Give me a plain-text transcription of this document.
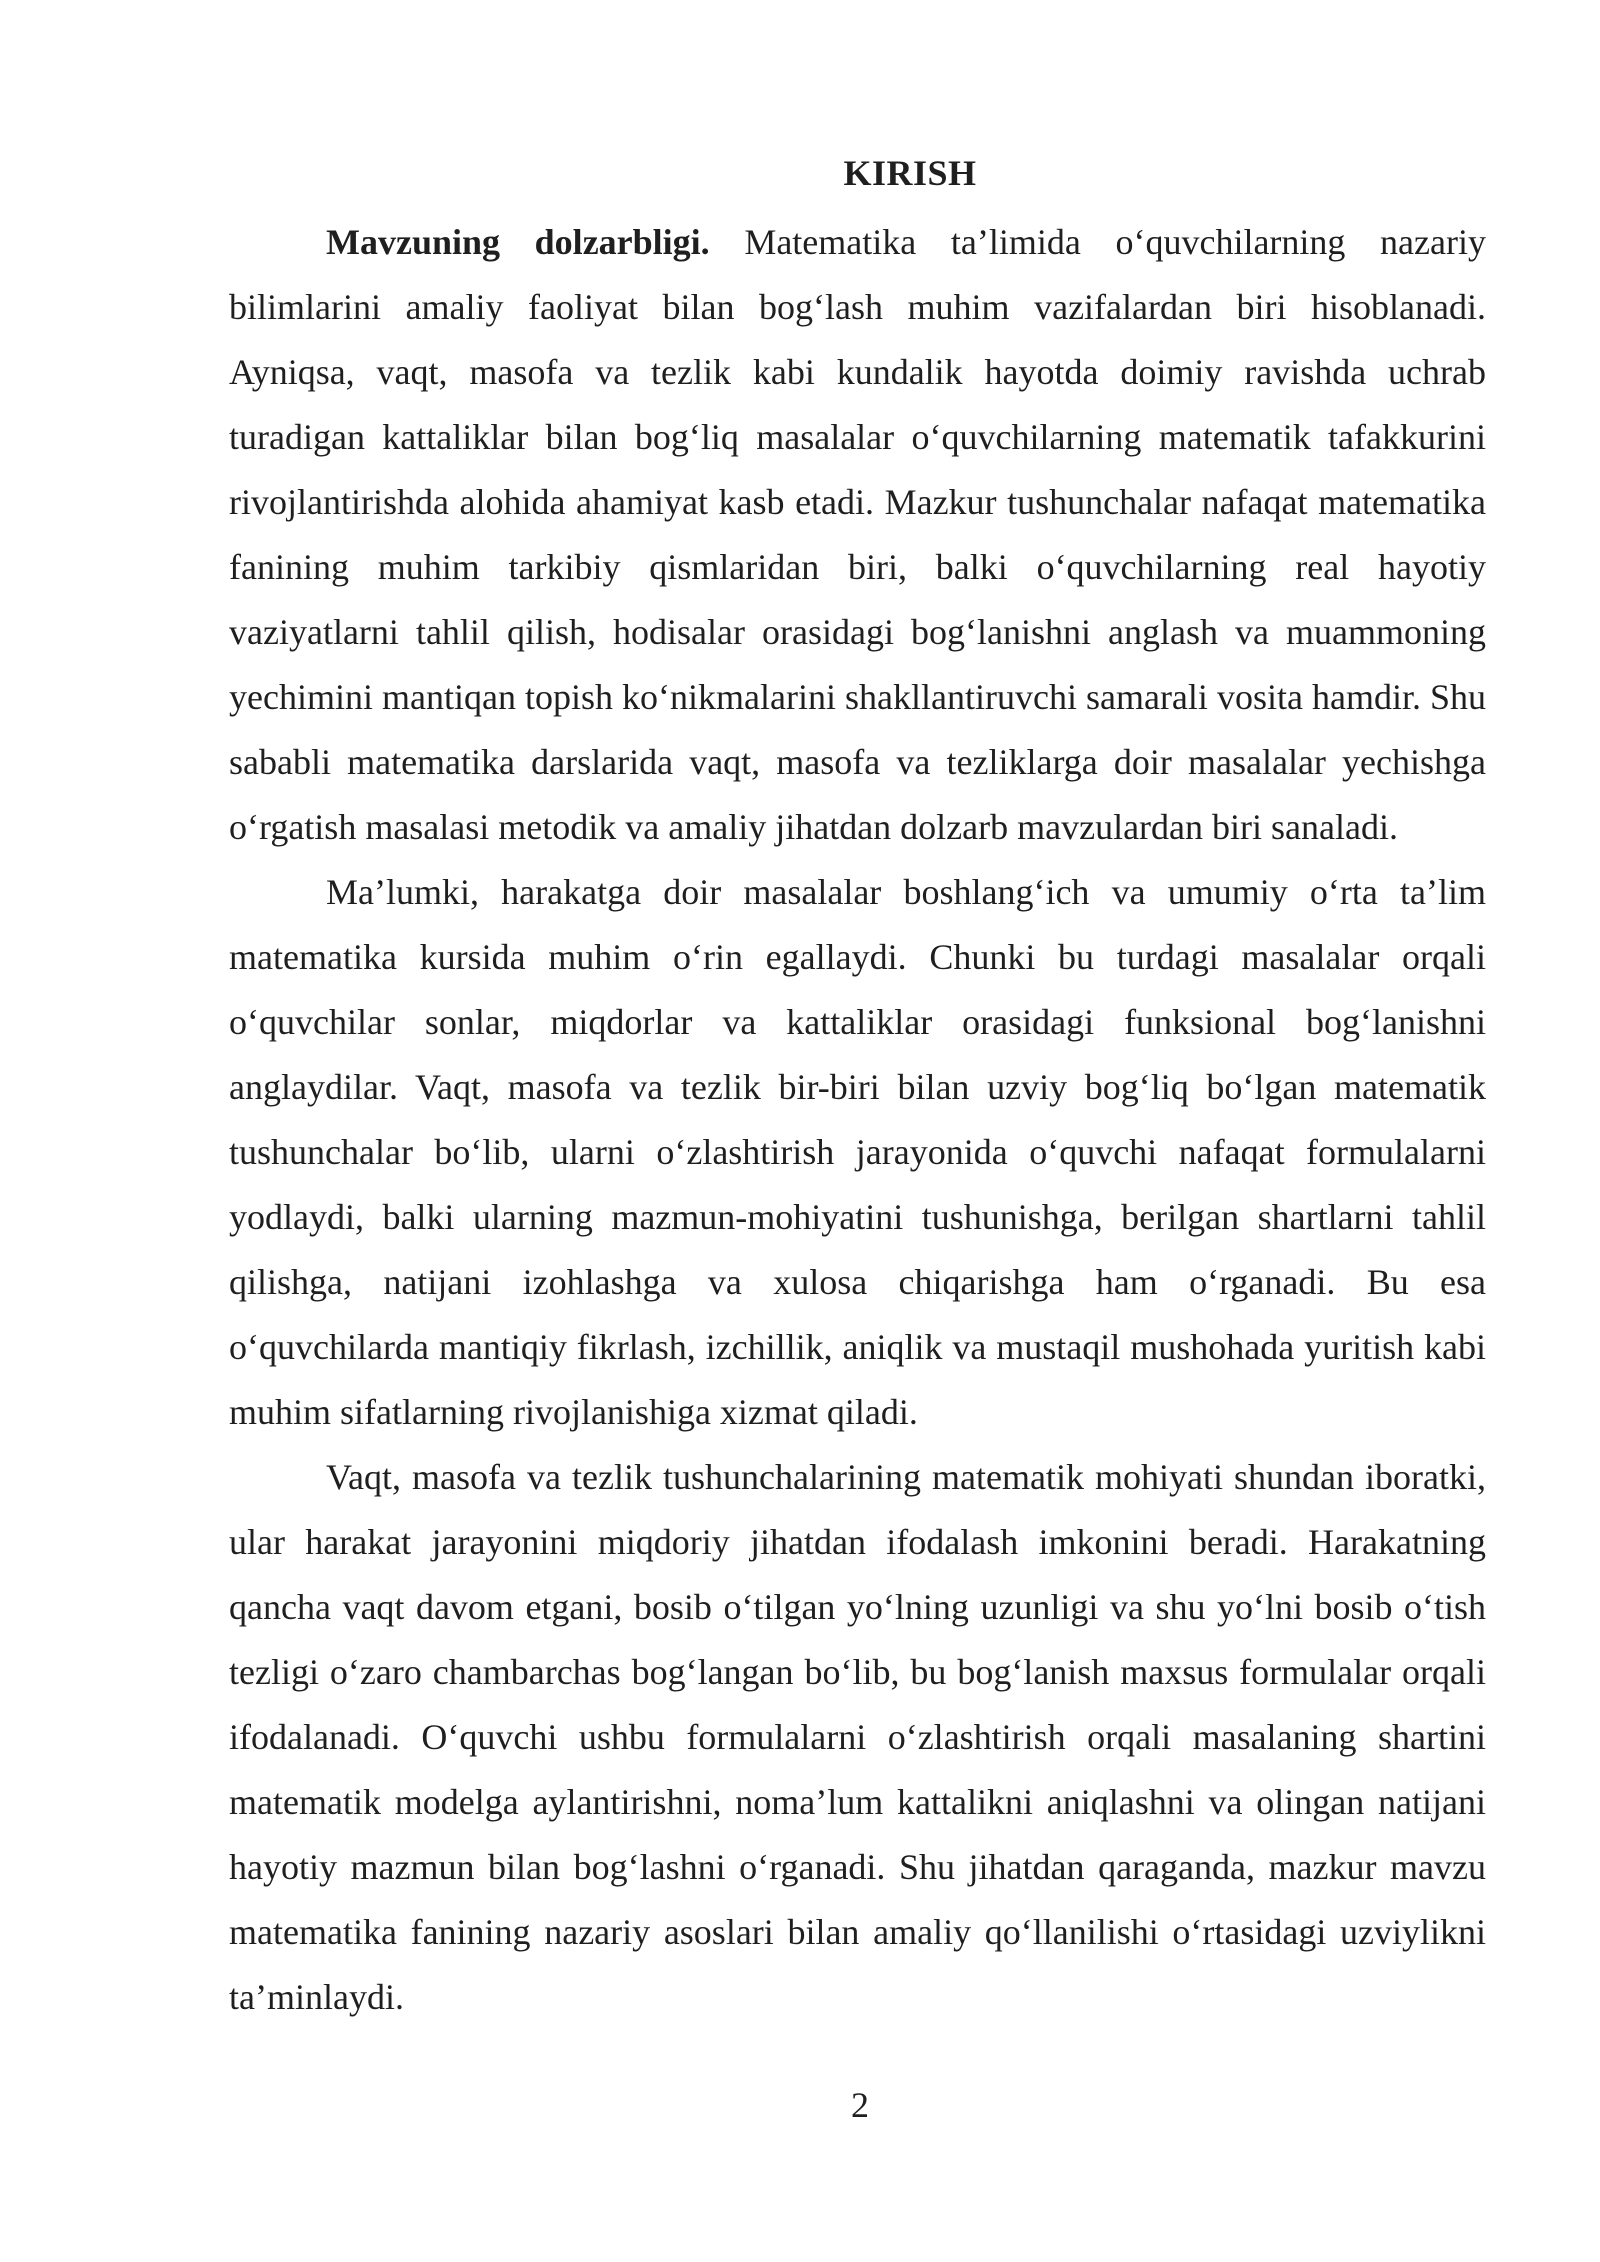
KIRISH

Mavzuning dolzarbligi. Matematika ta’limida o‘quvchilarning nazariy bilimlarini amaliy faoliyat bilan bog‘lash muhim vazifalardan biri hisoblanadi. Ayniqsa, vaqt, masofa va tezlik kabi kundalik hayotda doimiy ravishda uchrab turadigan kattaliklar bilan bog‘liq masalalar o‘quvchilarning matematik tafakkurini rivojlantirishda alohida ahamiyat kasb etadi. Mazkur tushunchalar nafaqat matematika fanining muhim tarkibiy qismlaridan biri, balki o‘quvchilarning real hayotiy vaziyatlarni tahlil qilish, hodisalar orasidagi bog‘lanishni anglash va muammoning yechimini mantiqan topish ko‘nikmalarini shakllantiruvchi samarali vosita hamdir. Shu sababli matematika darslarida vaqt, masofa va tezliklarga doir masalalar yechishga o‘rgatish masalasi metodik va amaliy jihatdan dolzarb mavzulardan biri sanaladi.

Ma’lumki, harakatga doir masalalar boshlang‘ich va umumiy o‘rta ta’lim matematika kursida muhim o‘rin egallaydi. Chunki bu turdagi masalalar orqali o‘quvchilar sonlar, miqdorlar va kattaliklar orasidagi funksional bog‘lanishni anglaydilar. Vaqt, masofa va tezlik bir-biri bilan uzviy bog‘liq bo‘lgan matematik tushunchalar bo‘lib, ularni o‘zlashtirish jarayonida o‘quvchi nafaqat formulalarni yodlaydi, balki ularning mazmun-mohiyatini tushunishga, berilgan shartlarni tahlil qilishga, natijani izohlashga va xulosa chiqarishga ham o‘rganadi. Bu esa o‘quvchilarda mantiqiy fikrlash, izchillik, aniqlik va mustaqil mushohada yuritish kabi muhim sifatlarning rivojlanishiga xizmat qiladi.

Vaqt, masofa va tezlik tushunchalarining matematik mohiyati shundan iboratki, ular harakat jarayonini miqdoriy jihatdan ifodalash imkonini beradi. Harakatning qancha vaqt davom etgani, bosib o‘tilgan yo‘lning uzunligi va shu yo‘lni bosib o‘tish tezligi o‘zaro chambarchas bog‘langan bo‘lib, bu bog‘lanish maxsus formulalar orqali ifodalanadi. O‘quvchi ushbu formulalarni o‘zlashtirish orqali masalaning shartini matematik modelga aylantirishni, noma’lum kattalikni aniqlashni va olingan natijani hayotiy mazmun bilan bog‘lashni o‘rganadi. Shu jihatdan qaraganda, mazkur mavzu matematika fanining nazariy asoslari bilan amaliy qo‘llanilishi o‘rtasidagi uzviylikni ta’minlaydi.

2
